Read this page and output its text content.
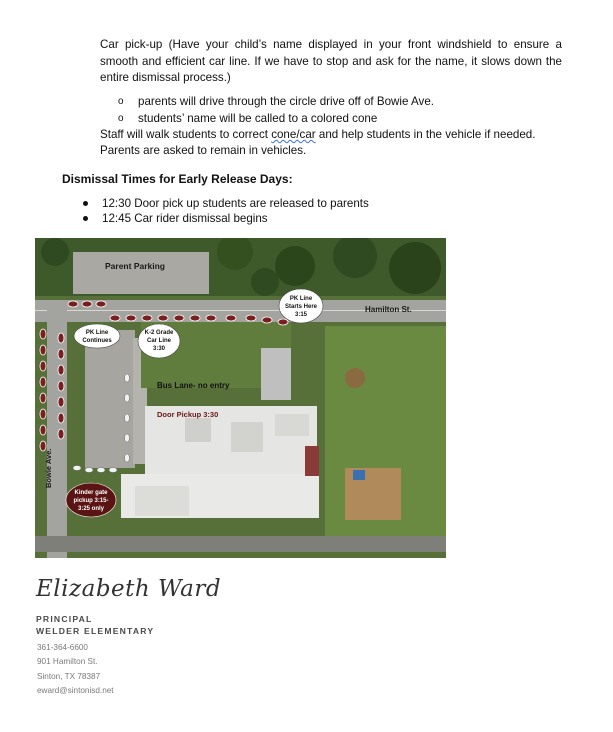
Car pick-up (Have your child’s name displayed in your front windshield to ensure a smooth and efficient car line. If we have to stop and ask for the name, it slows down the entire dismissal process.)

o parents will drive through the circle drive off of Bowie Ave.
o students’ name will be called to a colored cone

Staff will walk students to correct cone/car and help students in the vehicle if needed.

Parents are asked to remain in vehicles.

Dismissal Times for Early Release Days:
12:30 Door pick up students are released to parents
12:45 Car rider dismissal begins
Parent Parking
Hamilton St.
Bowie Ave.
PK Line
Starts Here
3:15
PK Line
Continues
K-2 Grade
Car Line
3:30
Bus Lane- no entry
Door Pickup 3:30
Kinder gate
pickup 3:15-
3:25 only
Elizabeth Ward
PRINCIPAL
WELDER ELEMENTARY
361-364-6600
901 Hamilton St.
Sinton, TX 78387
eward@sintonisd.net
